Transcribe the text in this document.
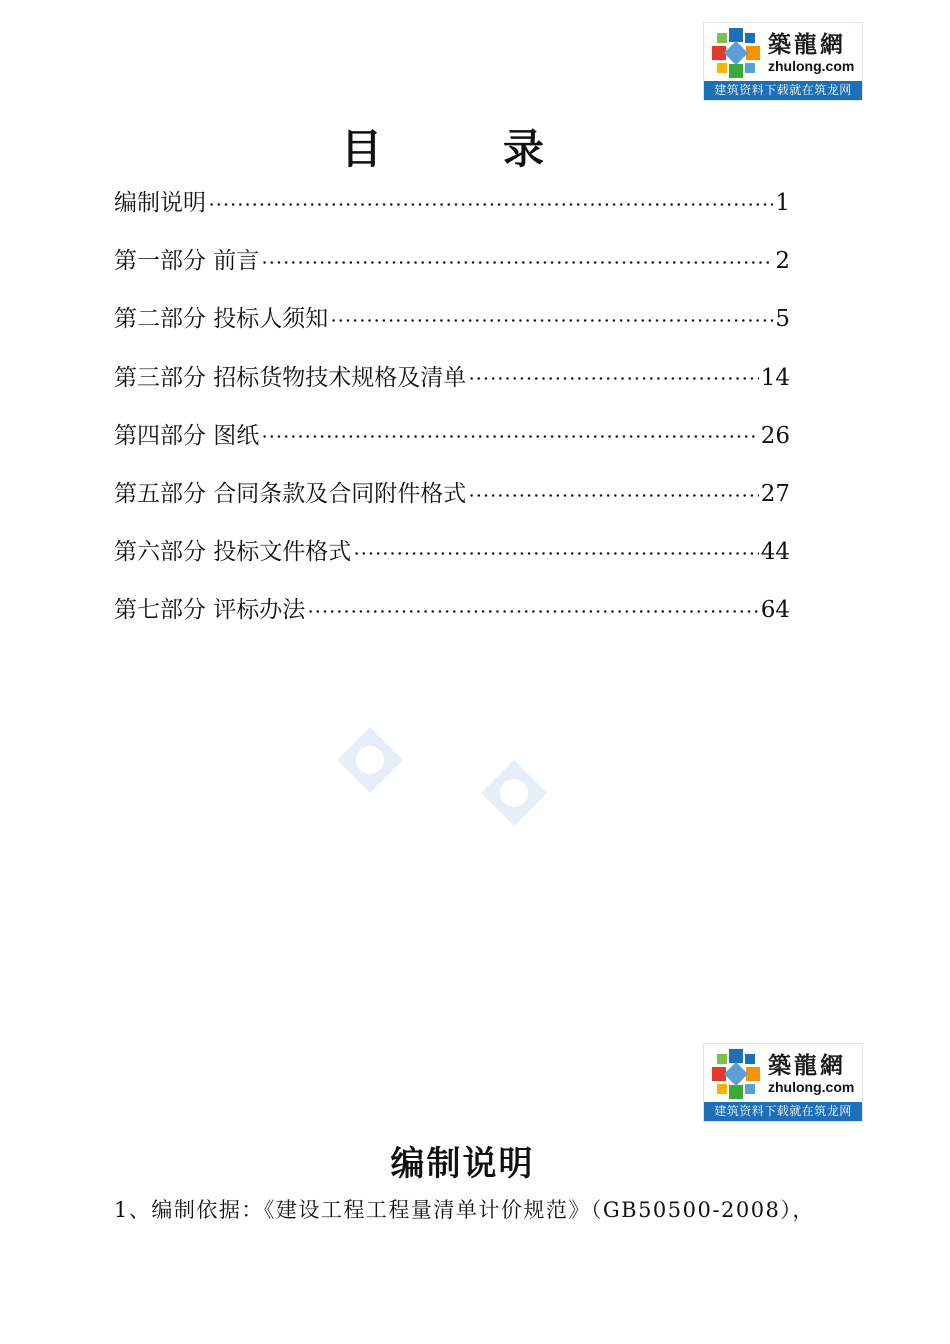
築龍網
zhulong.com
建筑资料下载就在筑龙网
目　录
编制说明	1
第一部分 前言	2
第二部分 投标人须知	5
第三部分 招标货物技术规格及清单	14
第四部分 图纸	26
第五部分 合同条款及合同附件格式	27
第六部分 投标文件格式	44
第七部分 评标办法	64
築龍網
zhulong.com
建筑资料下载就在筑龙网
编制说明

1、编制依据：《建设工程工程量清单计价规范》（GB50500-2008），
